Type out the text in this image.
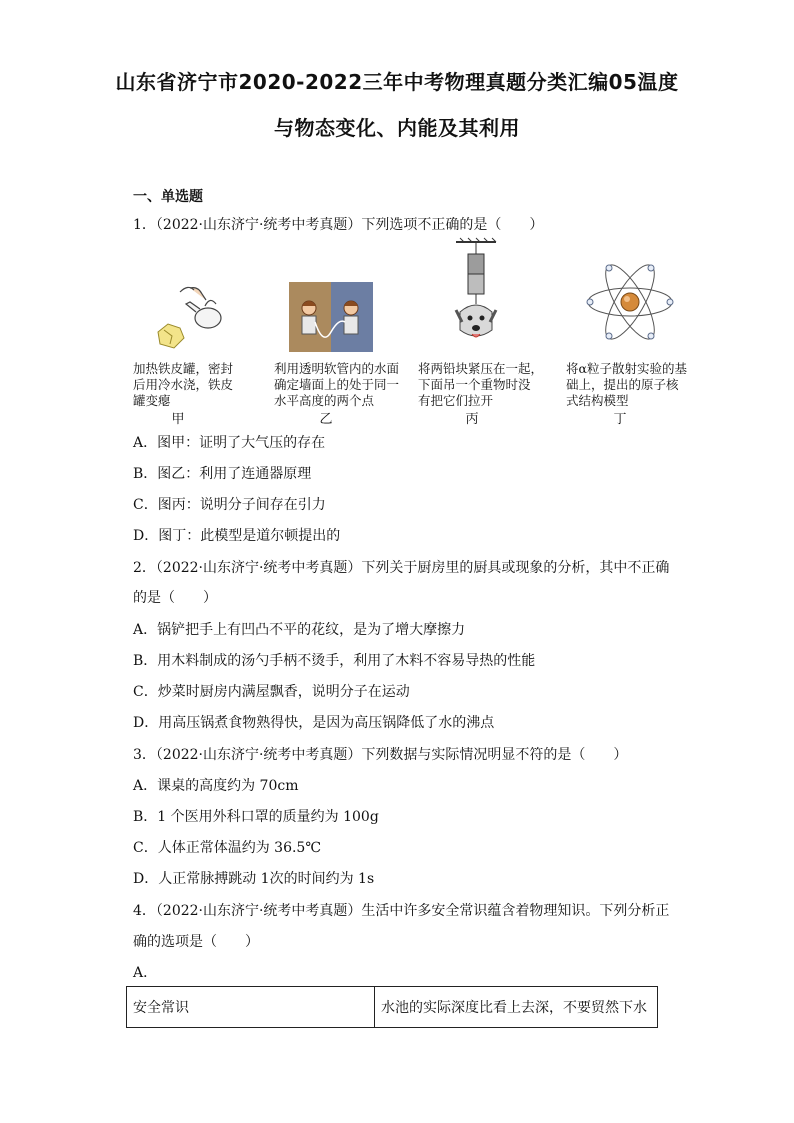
山东省济宁市2020-2022三年中考物理真题分类汇编05温度
与物态变化、内能及其利用
一、单选题
1．（2022·山东济宁·统考中考真题）下列选项不正确的是（　　）
加热铁皮罐，密封
后用冷水浇，铁皮
罐变瘪
利用透明软管内的水面
确定墙面上的处于同一
水平高度的两个点
将两铅块紧压在一起，
下面吊一个重物时没
有把它们拉开
将α粒子散射实验的基
础上，提出的原子核
式结构模型
甲	乙	丙	丁
A．图甲：证明了大气压的存在
B．图乙：利用了连通器原理
C．图丙：说明分子间存在引力
D．图丁：此模型是道尔顿提出的
2．（2022·山东济宁·统考中考真题）下列关于厨房里的厨具或现象的分析，其中不正确
的是（　　）
A．锅铲把手上有凹凸不平的花纹，是为了增大摩擦力
B．用木料制成的汤勺手柄不烫手，利用了木料不容易导热的性能
C．炒菜时厨房内满屋飘香，说明分子在运动
D．用高压锅煮食物熟得快，是因为高压锅降低了水的沸点
3．（2022·山东济宁·统考中考真题）下列数据与实际情况明显不符的是（　　）
A．课桌的高度约为 70cm
B．1 个医用外科口罩的质量约为 100g
C．人体正常体温约为 36.5℃
D．人正常脉搏跳动 1次的时间约为 1s
4．（2022·山东济宁·统考中考真题）生活中许多安全常识蕴含着物理知识。下列分析正
确的选项是（　　）
A．
安全常识	水池的实际深度比看上去深，不要贸然下水
